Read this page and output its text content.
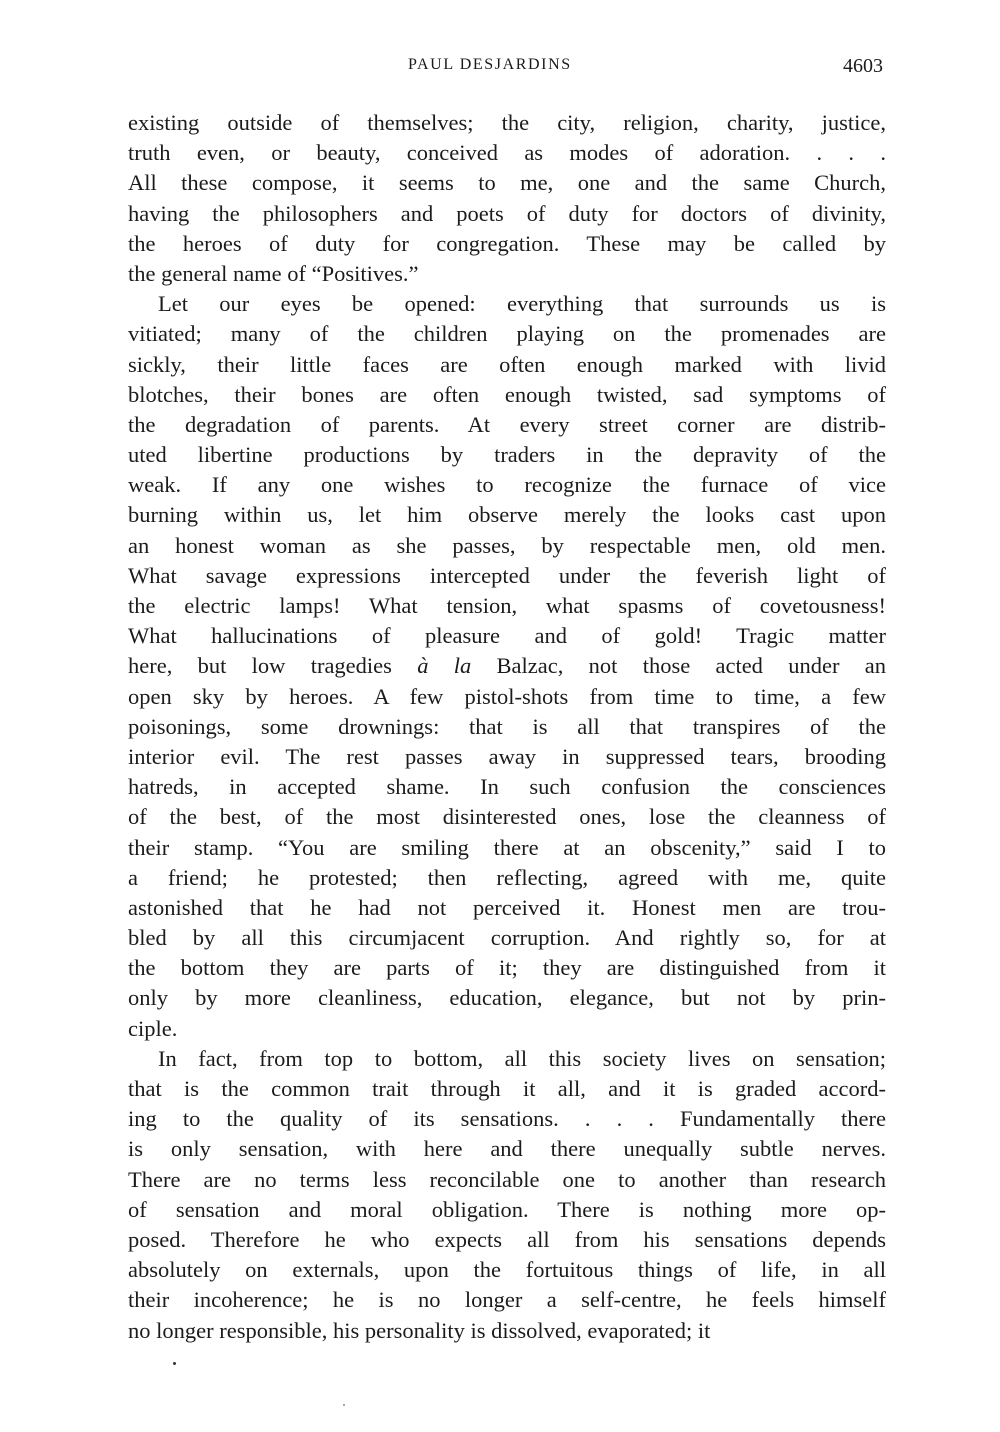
PAUL DESJARDINS	4603
existing outside of themselves; the city, religion, charity, justice,
truth even, or beauty, conceived as modes of adoration. . . .
All these compose, it seems to me, one and the same Church,
having the philosophers and poets of duty for doctors of divinity,
the heroes of duty for congregation. These may be called by
the general name of “Positives.”
Let our eyes be opened: everything that surrounds us is
vitiated; many of the children playing on the promenades are
sickly, their little faces are often enough marked with livid
blotches, their bones are often enough twisted, sad symptoms of
the degradation of parents. At every street corner are distrib-
uted libertine productions by traders in the depravity of the
weak. If any one wishes to recognize the furnace of vice
burning within us, let him observe merely the looks cast upon
an honest woman as she passes, by respectable men, old men.
What savage expressions intercepted under the feverish light of
the electric lamps! What tension, what spasms of covetousness!
What hallucinations of pleasure and of gold! Tragic matter
here, but low tragedies à la Balzac, not those acted under an
open sky by heroes. A few pistol-shots from time to time, a few
poisonings, some drownings: that is all that transpires of the
interior evil. The rest passes away in suppressed tears, brooding
hatreds, in accepted shame. In such confusion the consciences
of the best, of the most disinterested ones, lose the cleanness of
their stamp. “You are smiling there at an obscenity,” said I to
a friend; he protested; then reflecting, agreed with me, quite
astonished that he had not perceived it. Honest men are trou-
bled by all this circumjacent corruption. And rightly so, for at
the bottom they are parts of it; they are distinguished from it
only by more cleanliness, education, elegance, but not by prin-
ciple.
In fact, from top to bottom, all this society lives on sensation;
that is the common trait through it all, and it is graded accord-
ing to the quality of its sensations. . . . Fundamentally there
is only sensation, with here and there unequally subtle nerves.
There are no terms less reconcilable one to another than research
of sensation and moral obligation. There is nothing more op-
posed. Therefore he who expects all from his sensations depends
absolutely on externals, upon the fortuitous things of life, in all
their incoherence; he is no longer a self-centre, he feels himself
no longer responsible, his personality is dissolved, evaporated; it
